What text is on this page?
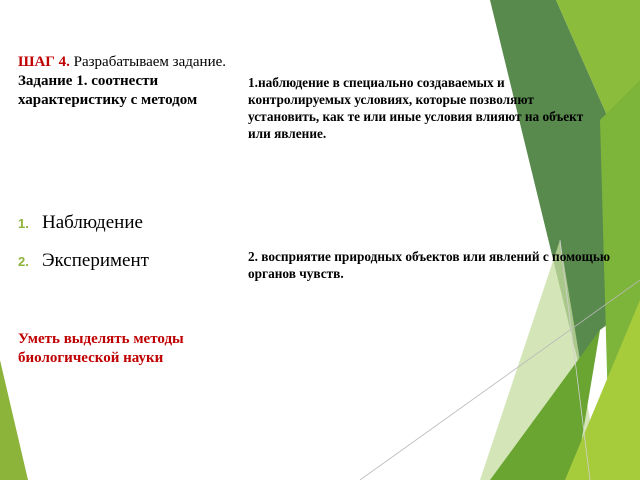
ШАГ 4. Разрабатываем задание.
Задание 1. соотнести характеристику с методом
1. Наблюдение
2. Эксперимент
Уметь выделять методы биологической науки
1.наблюдение в специально создаваемых и контролируемых условиях, которые позволяют установить, как те или иные условия влияют на объект или явление.
2. восприятие природных объектов или явлений с помощью органов чувств.
